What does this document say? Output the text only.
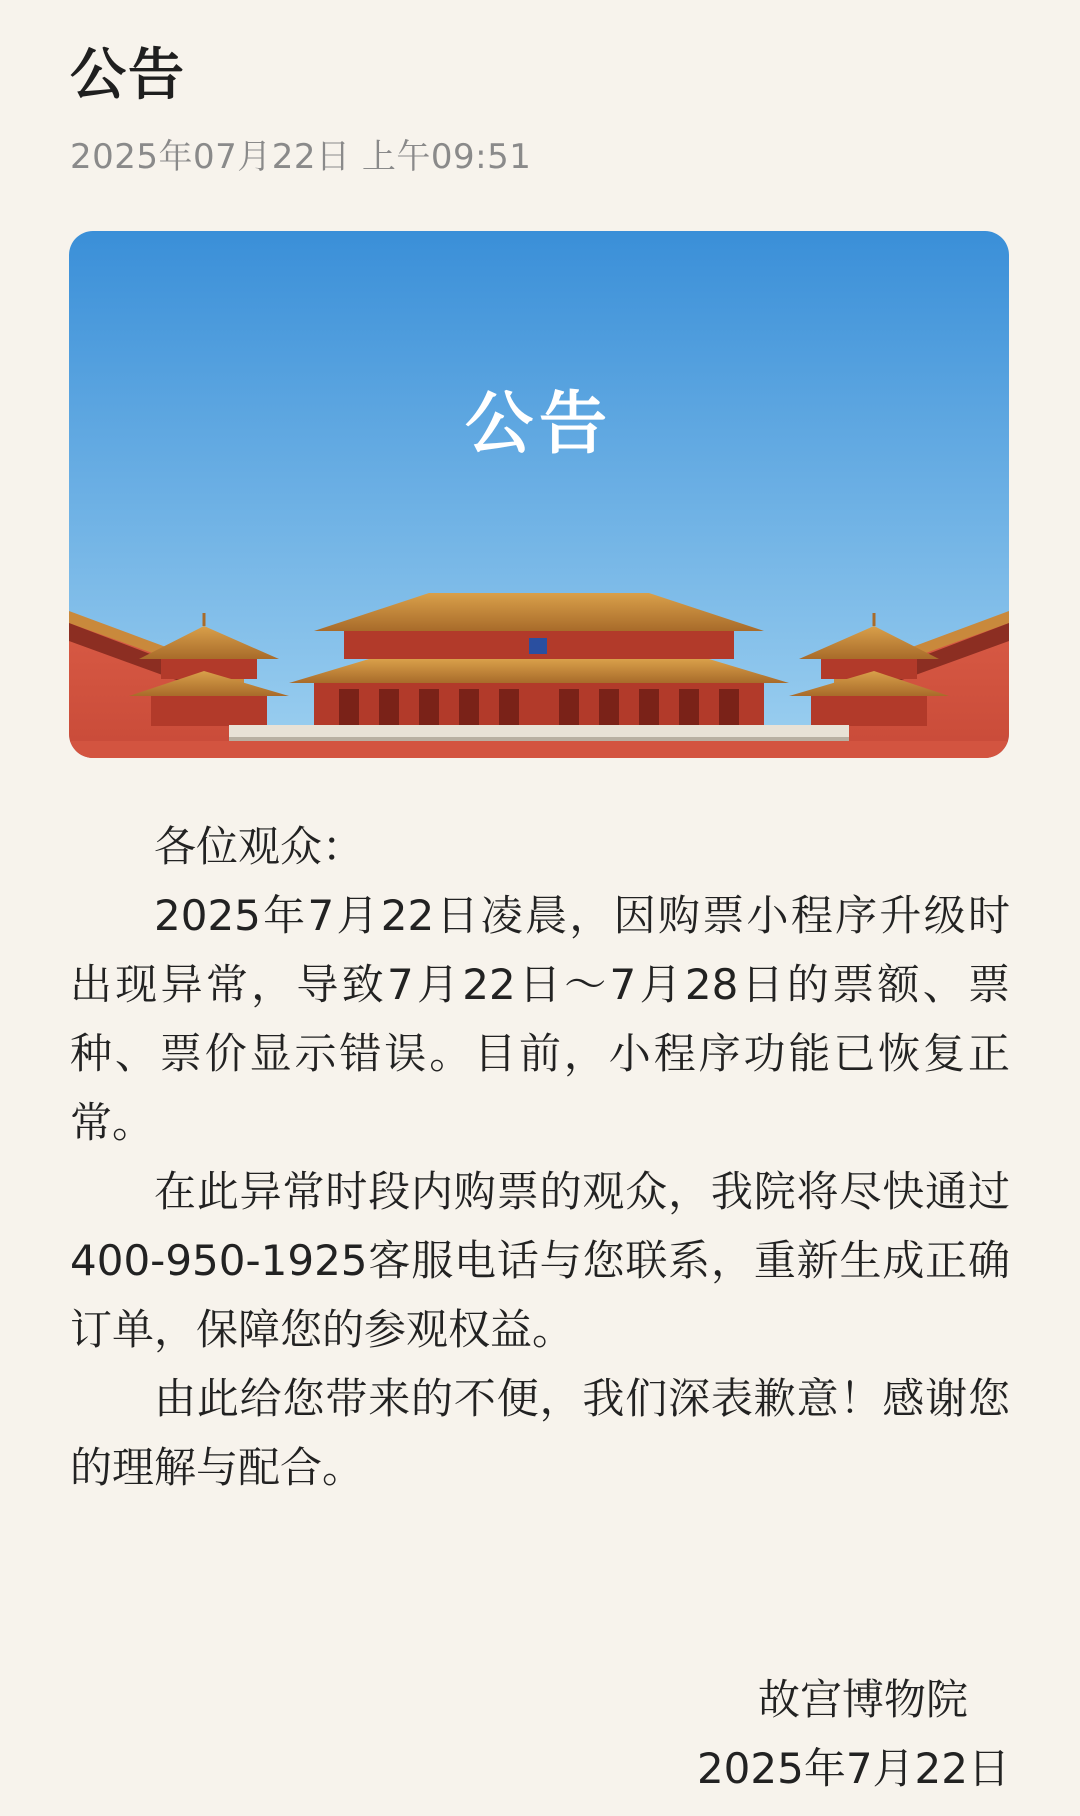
公告
2025年07月22日 上午09:51
公告

各位观众：

2025年7月22日凌晨，因购票小程序升级时出现异常，导致7月22日～7月28日的票额、票种、票价显示错误。目前，小程序功能已恢复正常。

在此异常时段内购票的观众，我院将尽快通过400-950-1925客服电话与您联系，重新生成正确订单，保障您的参观权益。

由此给您带来的不便，我们深表歉意！感谢您的理解与配合。

故宫博物院
2025年7月22日
